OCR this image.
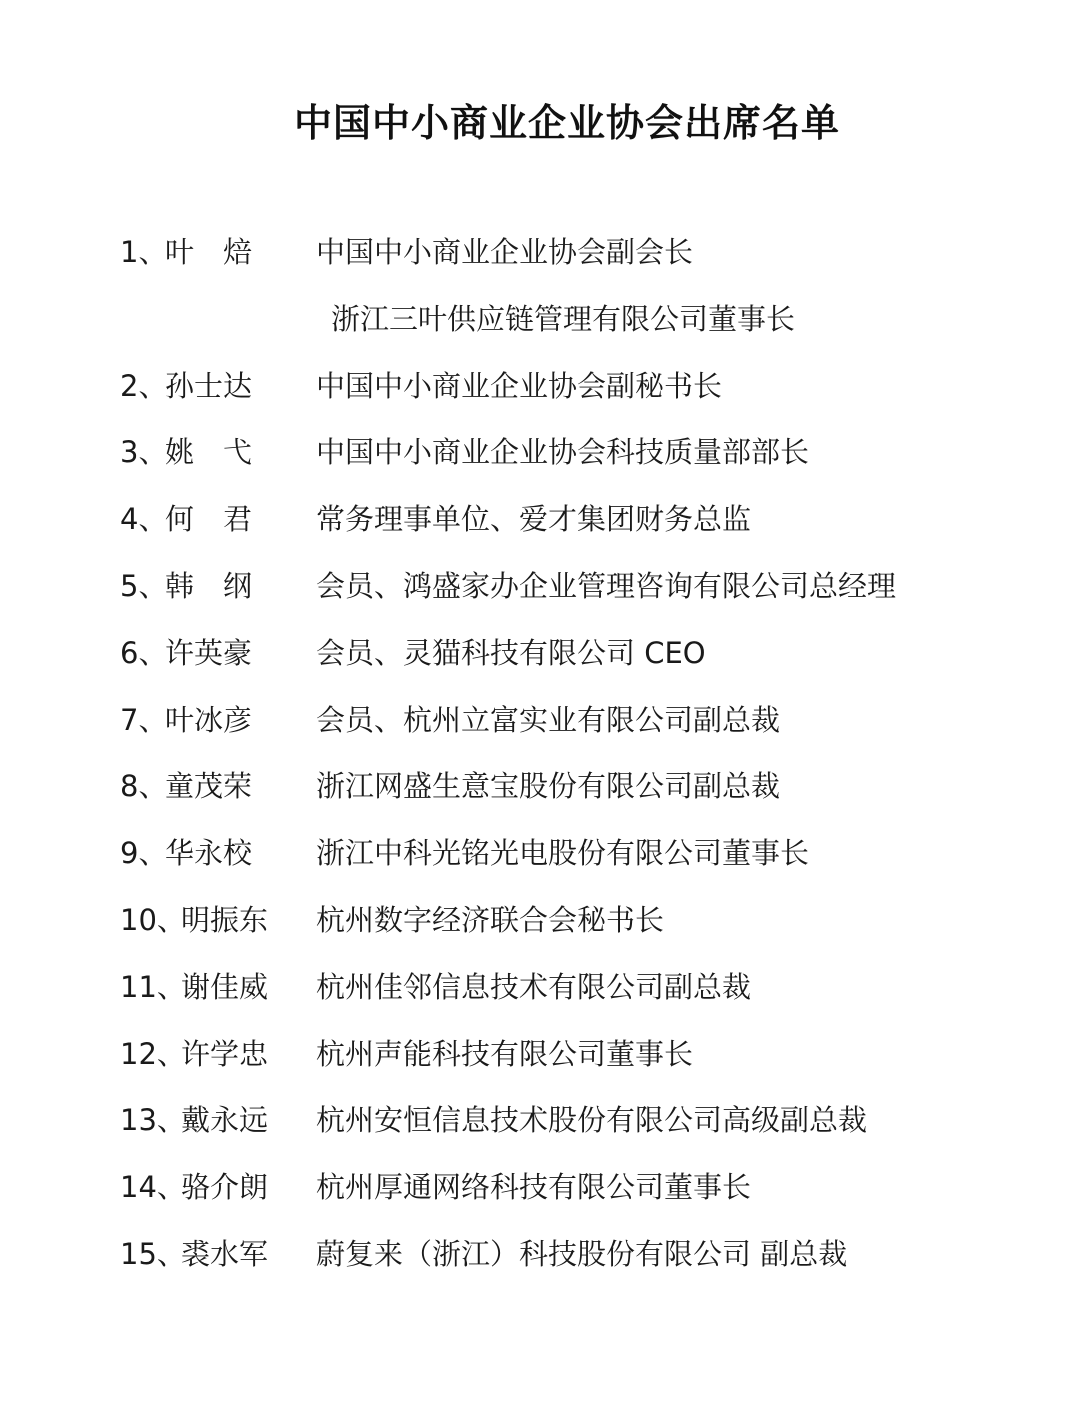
中国中小商业企业协会出席名单
1、
叶　焙 中国中小商业企业协会副会长
浙江三叶供应链管理有限公司董事长
2、
孙士达 中国中小商业企业协会副秘书长
3、
姚　弋 中国中小商业企业协会科技质量部部长
4、
何　君 常务理事单位、爱才集团财务总监
5、
韩　纲 会员、鸿盛家办企业管理咨询有限公司总经理
6、
许英豪 会员、灵猫科技有限公司 CEO
7、
叶冰彦 会员、杭州立富实业有限公司副总裁
8、
童茂荣 浙江网盛生意宝股份有限公司副总裁
9、
华永校 浙江中科光铭光电股份有限公司董事长
10、
明振东 杭州数字经济联合会秘书长
11、
谢佳威 杭州佳邻信息技术有限公司副总裁
12、
许学忠 杭州声能科技有限公司董事长
13、
戴永远 杭州安恒信息技术股份有限公司高级副总裁
14、
骆介朗 杭州厚通网络科技有限公司董事长
15、
裘水军 蔚复来（浙江）科技股份有限公司 副总裁
